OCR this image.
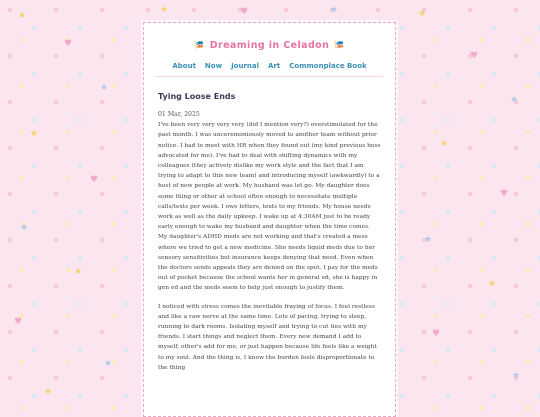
★
♥
★
★
♥
★
★
♥
★
★
★
♥
★
★
♥
★
★
♥
★
★	♥	★
🎏 Dreaming in Celadon 🎏
About Now Journal Art Commonplace Book
Tying Loose Ends
01 Mar, 2025

I've been very very very very (did I mention very?) overstimulated for the past month. I was unceremoniously moved to another team without prior notice. I had to meet with HR when they found out (my kind previous boss advocated for me). I've had to deal with shifting dynamics with my colleagues (they actively dislike my work style and the fact that I am trying to adapt to this new team) and introducing myself (awkwardly) to a host of new people at work. My husband was let go. My daughter does some thing or other at school often enough to necessitate multiple calls/texts per week. I owe letters, texts to my friends. My house needs work as well as the daily upkeep. I wake up at 4:30AM just to be ready early enough to wake my husband and daughter when the time comes. My daughter's ADHD meds are not working and that's created a mess where we tried to get a new medicine. She needs liquid meds due to her sensory sensitivities but insurance keeps denying that need. Even when the doctors sends appeals they are denied on the spot. I pay for the meds out of pocket because the school wants her in general ed, she is happy in gen ed and the meds seem to help just enough to justify them.

I noticed with stress comes the inevitable fraying of focus. I feel restless and like a raw nerve at the same time. Lots of pacing, trying to sleep, running to dark rooms. Isolating myself and trying to cut ties with my friends. I start things and neglect them. Every new demand I add to myself, other's add for me, or just happen because life feels like a weight to my soul. And the thing is, I know the burden feels disproportionate to the thing
